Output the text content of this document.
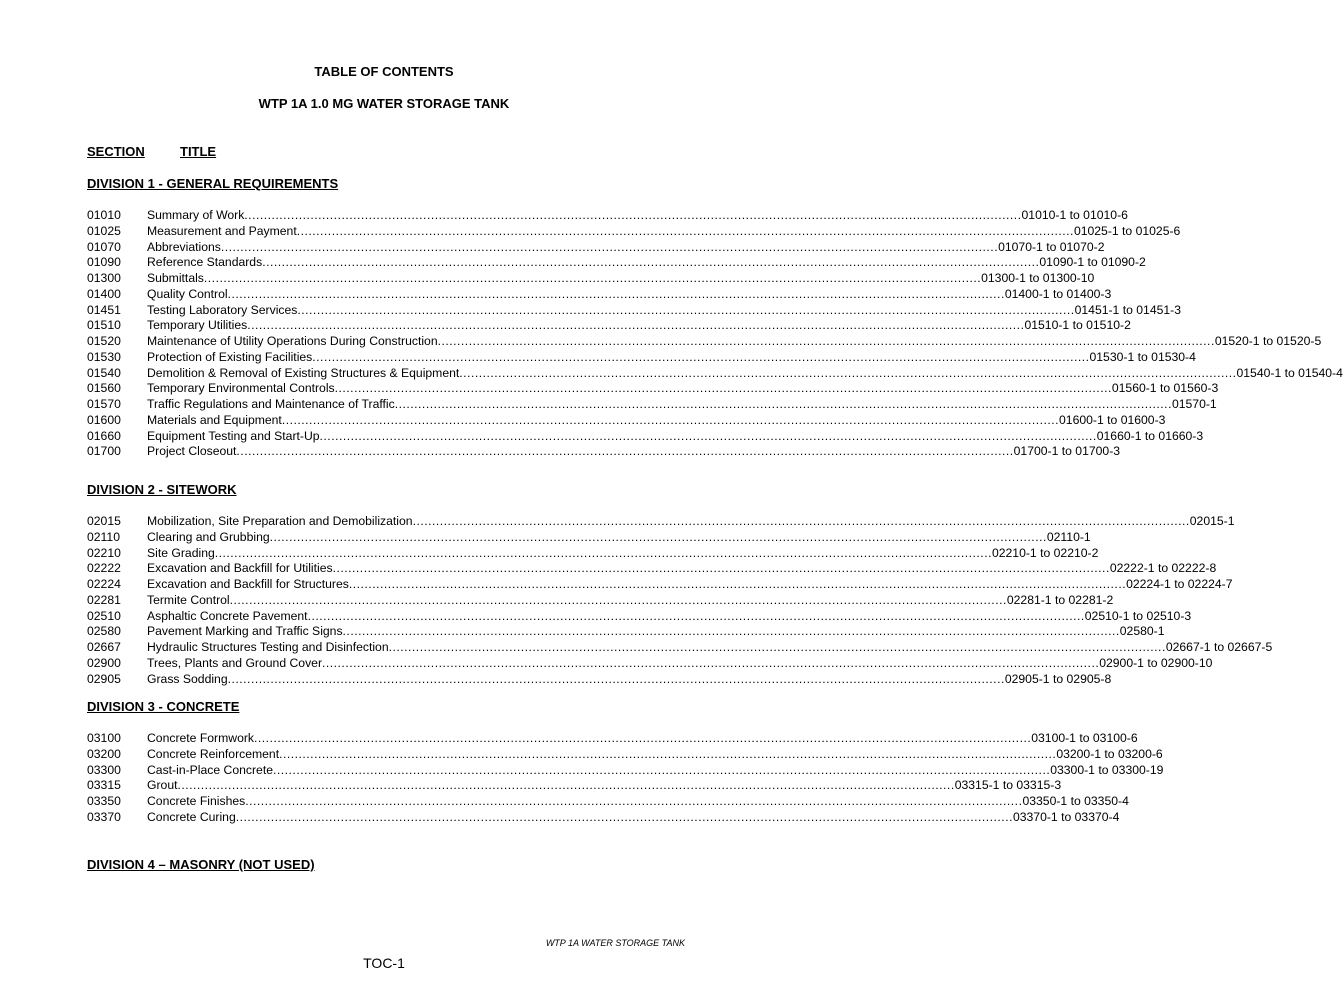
TABLE OF CONTENTS
WTP 1A 1.0 MG WATER STORAGE TANK
SECTION	TITLE
DIVISION 1 - GENERAL REQUIREMENTS
01010	Summary of Work ........................................................................................................................................................................................................ 01010-1 to 01010-6
01025	Measurement and Payment ........................................................................................................................................................................................................ 01025-1 to 01025-6
01070	Abbreviations ........................................................................................................................................................................................................ 01070-1 to 01070-2
01090	Reference Standards ........................................................................................................................................................................................................ 01090-1 to 01090-2
01300	Submittals ........................................................................................................................................................................................................ 01300-1 to 01300-10
01400	Quality Control ........................................................................................................................................................................................................ 01400-1 to 01400-3
01451	Testing Laboratory Services ........................................................................................................................................................................................................ 01451-1 to 01451-3
01510	Temporary Utilities ........................................................................................................................................................................................................ 01510-1 to 01510-2
01520	Maintenance of Utility Operations During Construction ........................................................................................................................................................................................................ 01520-1 to 01520-5
01530	Protection of Existing Facilities ........................................................................................................................................................................................................ 01530-1 to 01530-4
01540	Demolition & Removal of Existing Structures & Equipment ........................................................................................................................................................................................................ 01540-1 to 01540-4
01560	Temporary Environmental Controls ........................................................................................................................................................................................................ 01560-1 to 01560-3
01570	Traffic Regulations and Maintenance of Traffic ........................................................................................................................................................................................................ 01570-1
01600	Materials and Equipment ........................................................................................................................................................................................................ 01600-1 to 01600-3
01660	Equipment Testing and Start-Up ........................................................................................................................................................................................................ 01660-1 to 01660-3
01700	Project Closeout ........................................................................................................................................................................................................ 01700-1 to 01700-3
DIVISION 2 - SITEWORK
02015	Mobilization, Site Preparation and Demobilization ........................................................................................................................................................................................................ 02015-1
02110	Clearing and Grubbing ........................................................................................................................................................................................................ 02110-1
02210	Site Grading ........................................................................................................................................................................................................ 02210-1 to 02210-2
02222	Excavation and Backfill for Utilities ........................................................................................................................................................................................................ 02222-1 to 02222-8
02224	Excavation and Backfill for Structures ........................................................................................................................................................................................................ 02224-1 to 02224-7
02281	Termite Control ........................................................................................................................................................................................................ 02281-1 to 02281-2
02510	Asphaltic Concrete Pavement ........................................................................................................................................................................................................ 02510-1 to 02510-3
02580	Pavement Marking and Traffic Signs ........................................................................................................................................................................................................ 02580-1
02667	Hydraulic Structures Testing and Disinfection ........................................................................................................................................................................................................ 02667-1 to 02667-5
02900	Trees, Plants and Ground Cover ........................................................................................................................................................................................................ 02900-1 to 02900-10
02905	Grass Sodding ........................................................................................................................................................................................................ 02905-1 to 02905-8
DIVISION 3 - CONCRETE
03100	Concrete Formwork ........................................................................................................................................................................................................ 03100-1 to 03100-6
03200	Concrete Reinforcement ........................................................................................................................................................................................................ 03200-1 to 03200-6
03300	Cast-in-Place Concrete ........................................................................................................................................................................................................ 03300-1 to 03300-19
03315	Grout ........................................................................................................................................................................................................ 03315-1 to 03315-3
03350	Concrete Finishes ........................................................................................................................................................................................................ 03350-1 to 03350-4
03370	Concrete Curing ........................................................................................................................................................................................................ 03370-1 to 03370-4
DIVISION 4 – MASONRY (NOT USED)
WTP 1A WATER STORAGE TANK
TOC-1
